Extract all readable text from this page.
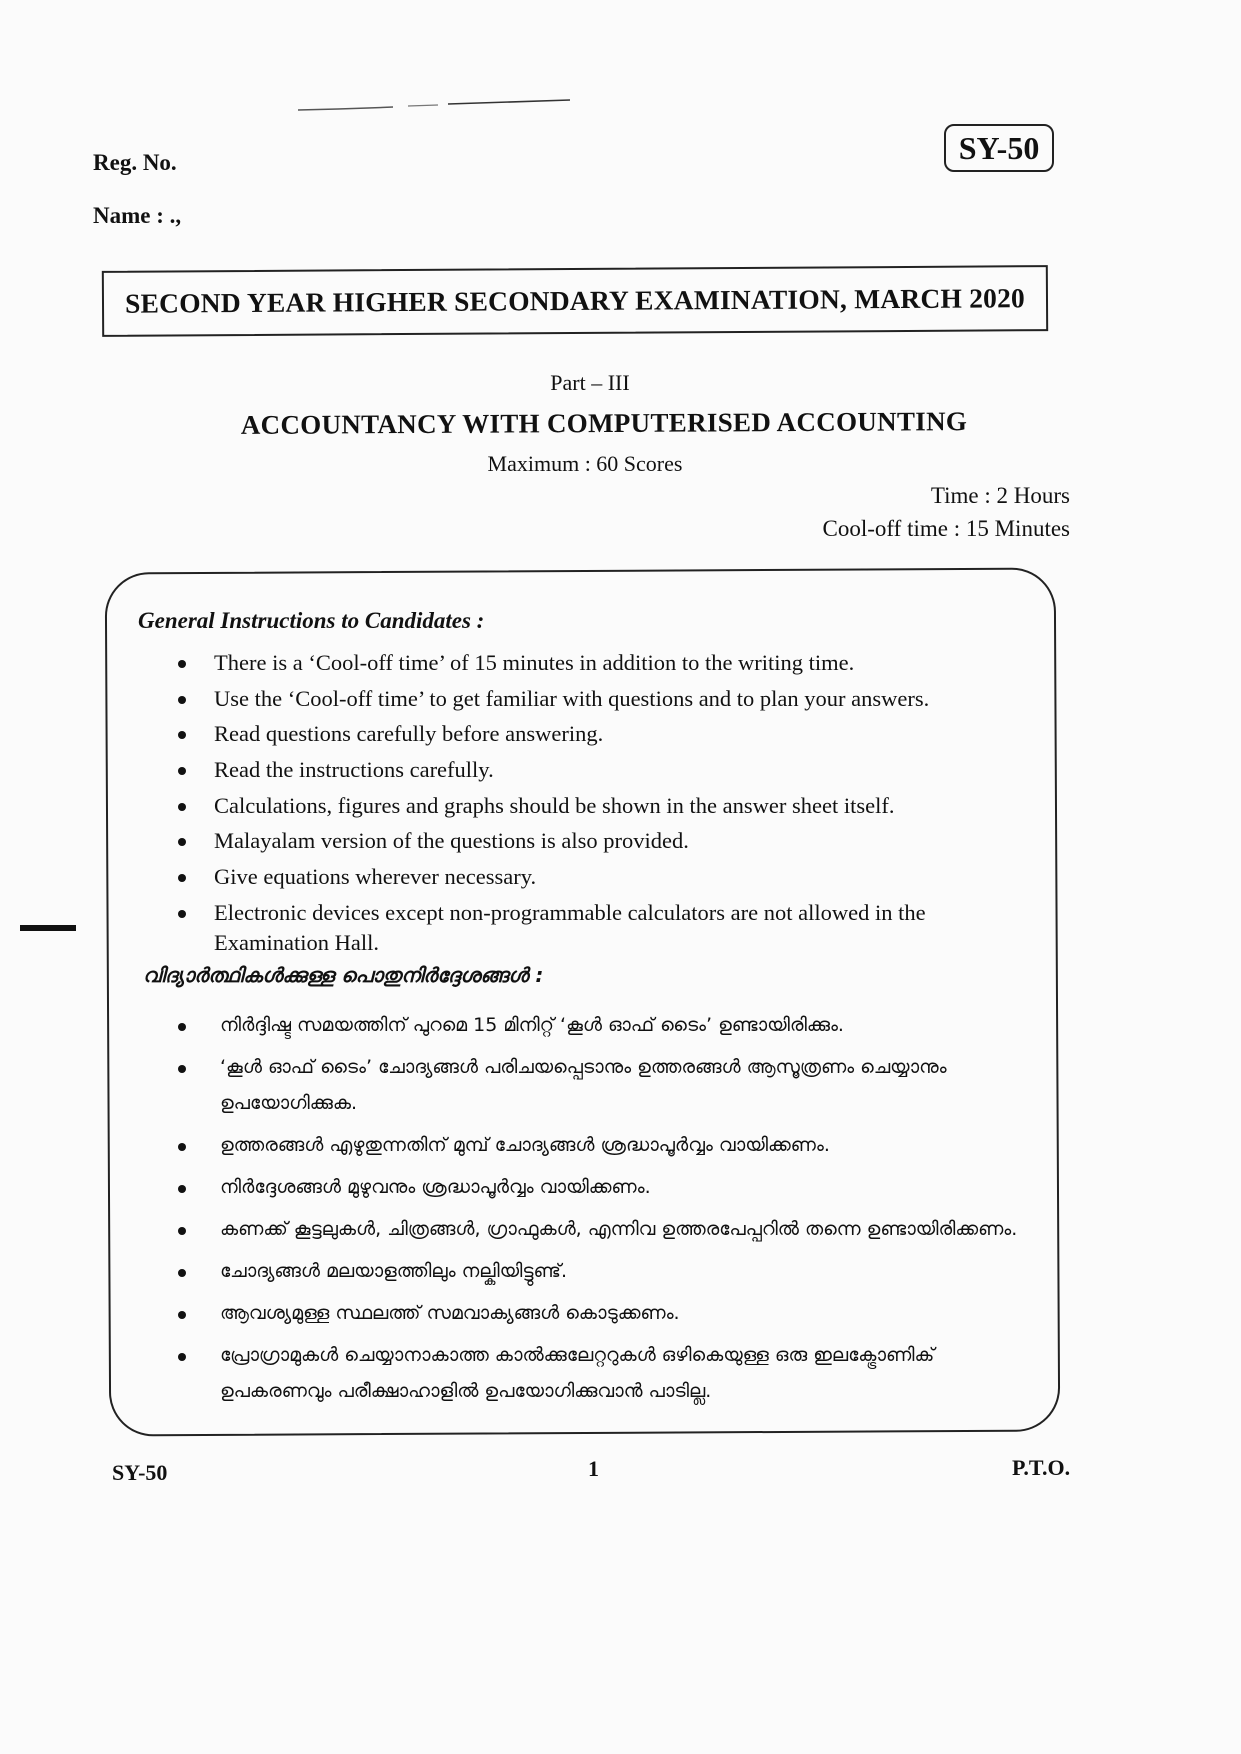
SY-50
Reg. No.
Name : .,
SECOND YEAR HIGHER SECONDARY EXAMINATION, MARCH 2020
Part – III
ACCOUNTANCY WITH COMPUTERISED ACCOUNTING
Maximum : 60 Scores
Time : 2 Hours
Cool-off time : 15 Minutes
General Instructions to Candidates :
There is a ‘Cool-off time’ of 15 minutes in addition to the writing time.
Use the ‘Cool-off time’ to get familiar with questions and to plan your answers.
Read questions carefully before answering.
Read the instructions carefully.
Calculations, figures and graphs should be shown in the answer sheet itself.
Malayalam version of the questions is also provided.
Give equations wherever necessary.
Electronic devices except non-programmable calculators are not allowed in the Examination Hall.
വിദ്യാർത്ഥികൾക്കുള്ള പൊതുനിർദ്ദേശങ്ങൾ :
നിർദ്ദിഷ്ട സമയത്തിന് പുറമെ 15 മിനിറ്റ് ‘കൂൾ ഓഫ് ടൈം’ ഉണ്ടായിരിക്കും.
‘കൂൾ ഓഫ് ടൈം’ ചോദ്യങ്ങൾ പരിചയപ്പെടാനും ഉത്തരങ്ങൾ ആസൂത്രണം ചെയ്യാനും ഉപയോഗിക്കുക.
ഉത്തരങ്ങൾ എഴുതുന്നതിന് മുമ്പ് ചോദ്യങ്ങൾ ശ്രദ്ധാപൂർവ്വം വായിക്കണം.
നിർദ്ദേശങ്ങൾ മുഴുവനും ശ്രദ്ധാപൂർവ്വം വായിക്കണം.
കണക്ക് കൂട്ടലുകൾ, ചിത്രങ്ങൾ, ഗ്രാഫുകൾ, എന്നിവ ഉത്തരപേപ്പറിൽ തന്നെ ഉണ്ടായിരിക്കണം.
ചോദ്യങ്ങൾ മലയാളത്തിലും നല്കിയിട്ടുണ്ട്.
ആവശ്യമുള്ള സ്ഥലത്ത് സമവാക്യങ്ങൾ കൊടുക്കണം.
പ്രോഗ്രാമുകൾ ചെയ്യാനാകാത്ത കാൽക്കുലേറ്ററുകൾ ഒഴികെയുള്ള ഒരു ഇലക്ട്രോണിക് ഉപകരണവും പരീക്ഷാഹാളിൽ ഉപയോഗിക്കുവാൻ പാടില്ല.
SY-50	1	P.T.O.
